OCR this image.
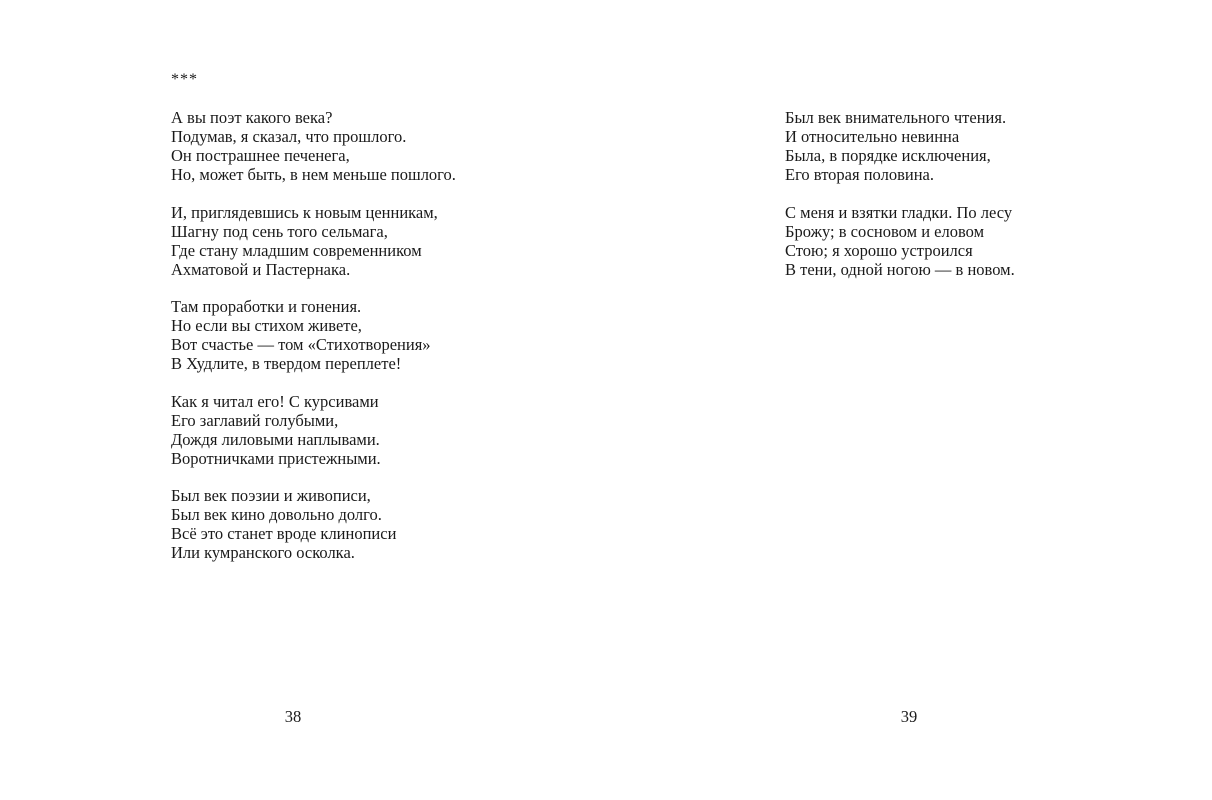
***
А вы поэт какого века?
Подумав, я сказал, что прошлого.
Он пострашнее печенега,
Но, может быть, в нем меньше пошлого.
И, приглядевшись к новым ценникам,
Шагну под сень того сельмага,
Где стану младшим современником
Ахматовой и Пастернака.
Там проработки и гонения.
Но если вы стихом живете,
Вот счастье — том «Стихотворения»
В Худлите, в твердом переплете!
Как я читал его! С курсивами
Его заглавий голубыми,
Дождя лиловыми наплывами.
Воротничками пристежными.
Был век поэзии и живописи,
Был век кино довольно долго.
Всё это станет вроде клинописи
Или кумранского осколка.
38
Был век внимательного чтения.
И относительно невинна
Была, в порядке исключения,
Его вторая половина.
С меня и взятки гладки. По лесу
Брожу; в сосновом и еловом
Стою; я хорошо устроился
В тени, одной ногою — в новом.
39
